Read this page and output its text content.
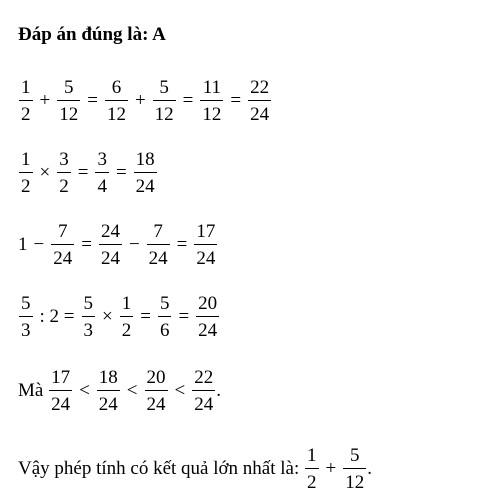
Đáp án đúng là: A
$\frac{1}{2} + \frac{5}{12} = \frac{6}{12} + \frac{5}{12} = \frac{11}{12} = \frac{22}{24}$
$\frac{1}{2} \times \frac{3}{2} = \frac{3}{4} = \frac{18}{24}$
$1 - \frac{7}{24} = \frac{24}{24} - \frac{7}{24} = \frac{17}{24}$
$\frac{5}{3}$ : $2 = \frac{5}{3} \times \frac{1}{2} = \frac{5}{6} = \frac{20}{24}$
Mà $\frac{17}{24} < \frac{18}{24} < \frac{20}{24} < \frac{22}{24}$ .
Vậy phép tính có kết quả lớn nhất là: $\frac{1}{2} + \frac{5}{12}$ .
